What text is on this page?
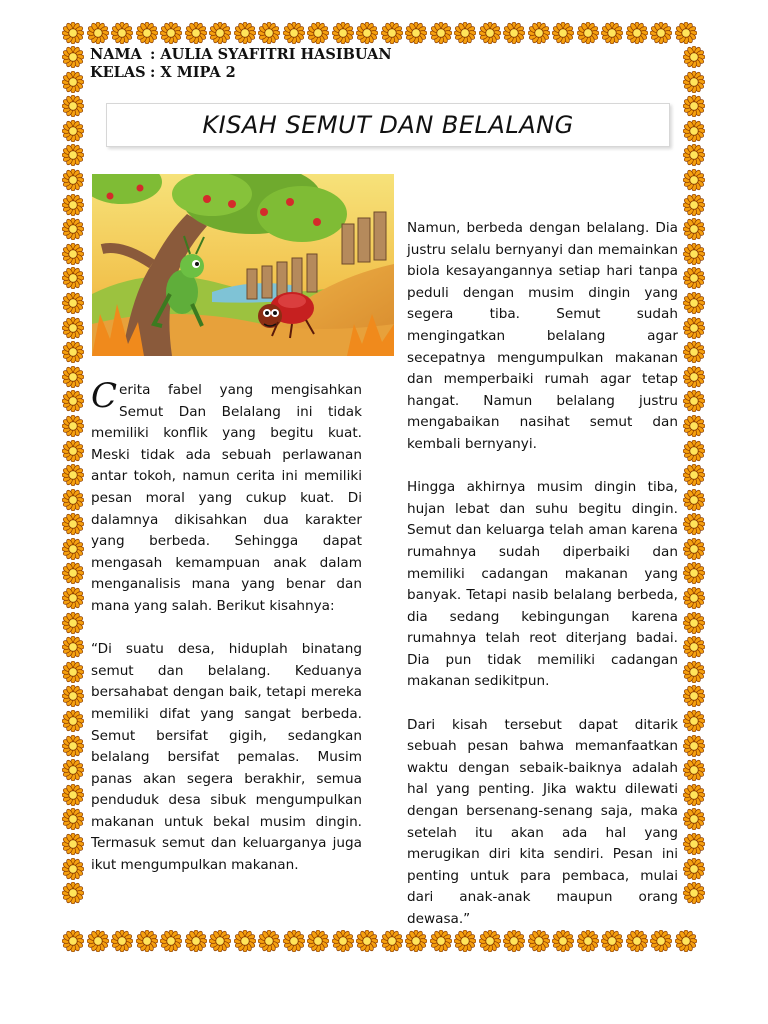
NAMA : AULIA SYAFITRI HASIBUAN
KELAS : X MIPA 2
KISAH SEMUT DAN BELALANG

Cerita fabel yang mengisahkan Semut Dan Belalang ini tidak memiliki konflik yang begitu kuat. Meski tidak ada sebuah perlawanan antar tokoh, namun cerita ini memiliki pesan moral yang cukup kuat. Di dalamnya dikisahkan dua karakter yang berbeda. Sehingga dapat mengasah kemampuan anak dalam menganalisis mana yang benar dan mana yang salah. Berikut kisahnya:

“Di suatu desa, hiduplah binatang semut dan belalang. Keduanya bersahabat dengan baik, tetapi mereka memiliki difat yang sangat berbeda. Semut bersifat gigih, sedangkan belalang bersifat pemalas. Musim panas akan segera berakhir, semua penduduk desa sibuk mengumpulkan makanan untuk bekal musim dingin. Termasuk semut dan keluarganya juga ikut mengumpulkan makanan.

Namun, berbeda dengan belalang. Dia justru selalu bernyanyi dan memainkan biola kesayangannya setiap hari tanpa peduli dengan musim dingin yang segera tiba. Semut sudah mengingatkan belalang agar secepatnya mengumpulkan makanan dan memperbaiki rumah agar tetap hangat. Namun belalang justru mengabaikan nasihat semut dan kembali bernyanyi.

Hingga akhirnya musim dingin tiba, hujan lebat dan suhu begitu dingin. Semut dan keluarga telah aman karena rumahnya sudah diperbaiki dan memiliki cadangan makanan yang banyak. Tetapi nasib belalang berbeda, dia sedang kebingungan karena rumahnya telah reot diterjang badai. Dia pun tidak memiliki cadangan makanan sedikitpun.

Dari kisah tersebut dapat ditarik sebuah pesan bahwa memanfaatkan waktu dengan sebaik-baiknya adalah hal yang penting. Jika waktu dilewati dengan bersenang-senang saja, maka setelah itu akan ada hal yang merugikan diri kita sendiri. Pesan ini penting untuk para pembaca, mulai dari anak-anak maupun orang dewasa.”
